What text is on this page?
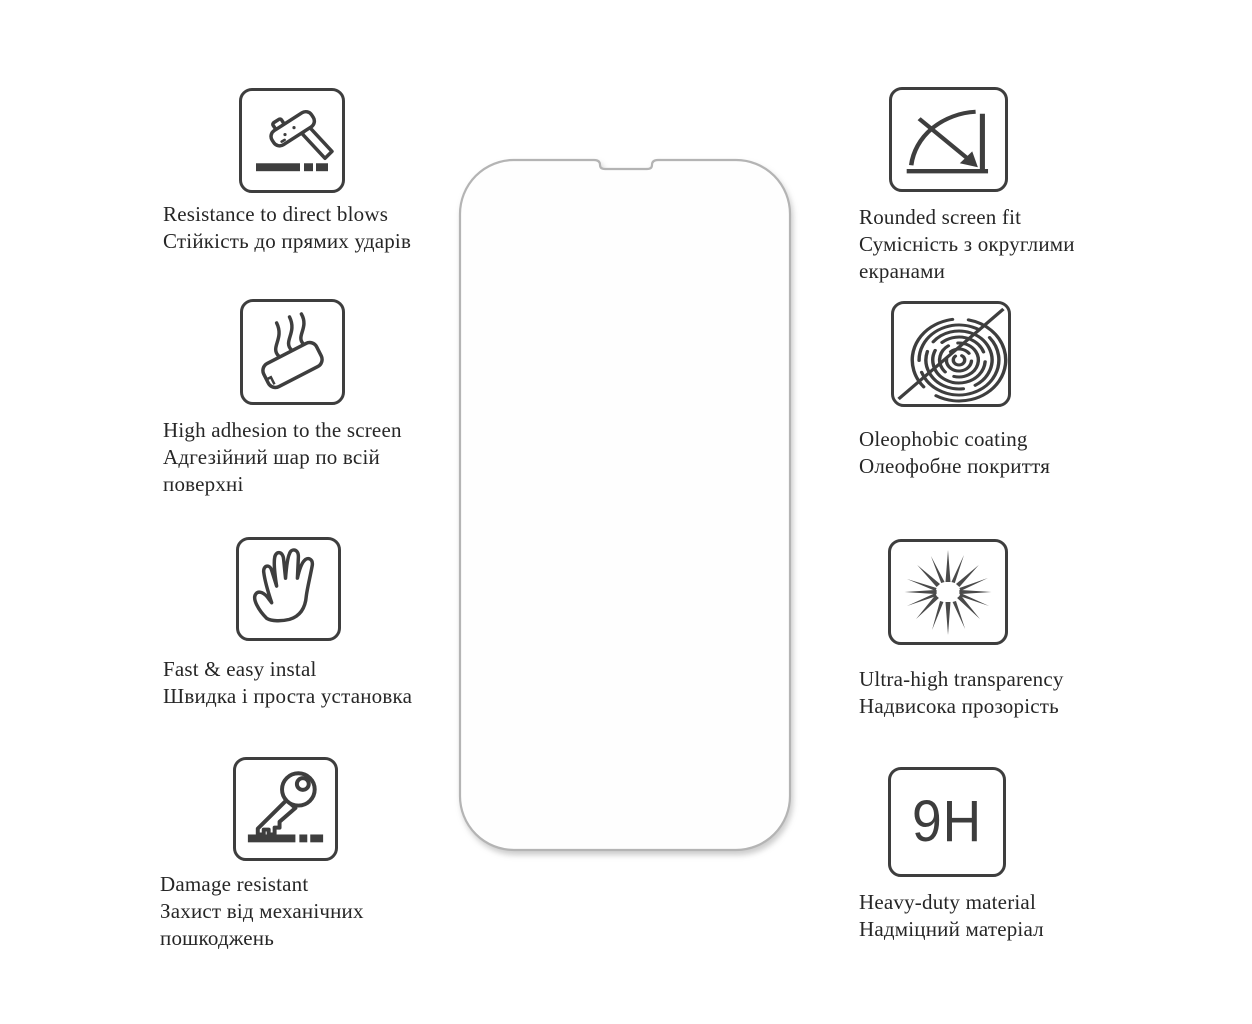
Resistance to direct blows
Стійкість до прямих ударів
High adhesion to the screen
Адгезійний шар по всій
поверхні
Fast & easy instal
Швидка і проста установка
Damage resistant
Захист від механічних
пошкоджень
Rounded screen fit
Сумісність з округлими
екранами
Oleophobic coating
Олеофобне покриття
Ultra-high transparency
Надвисока прозорість
9H
Heavy-duty material
Надміцний матеріал
